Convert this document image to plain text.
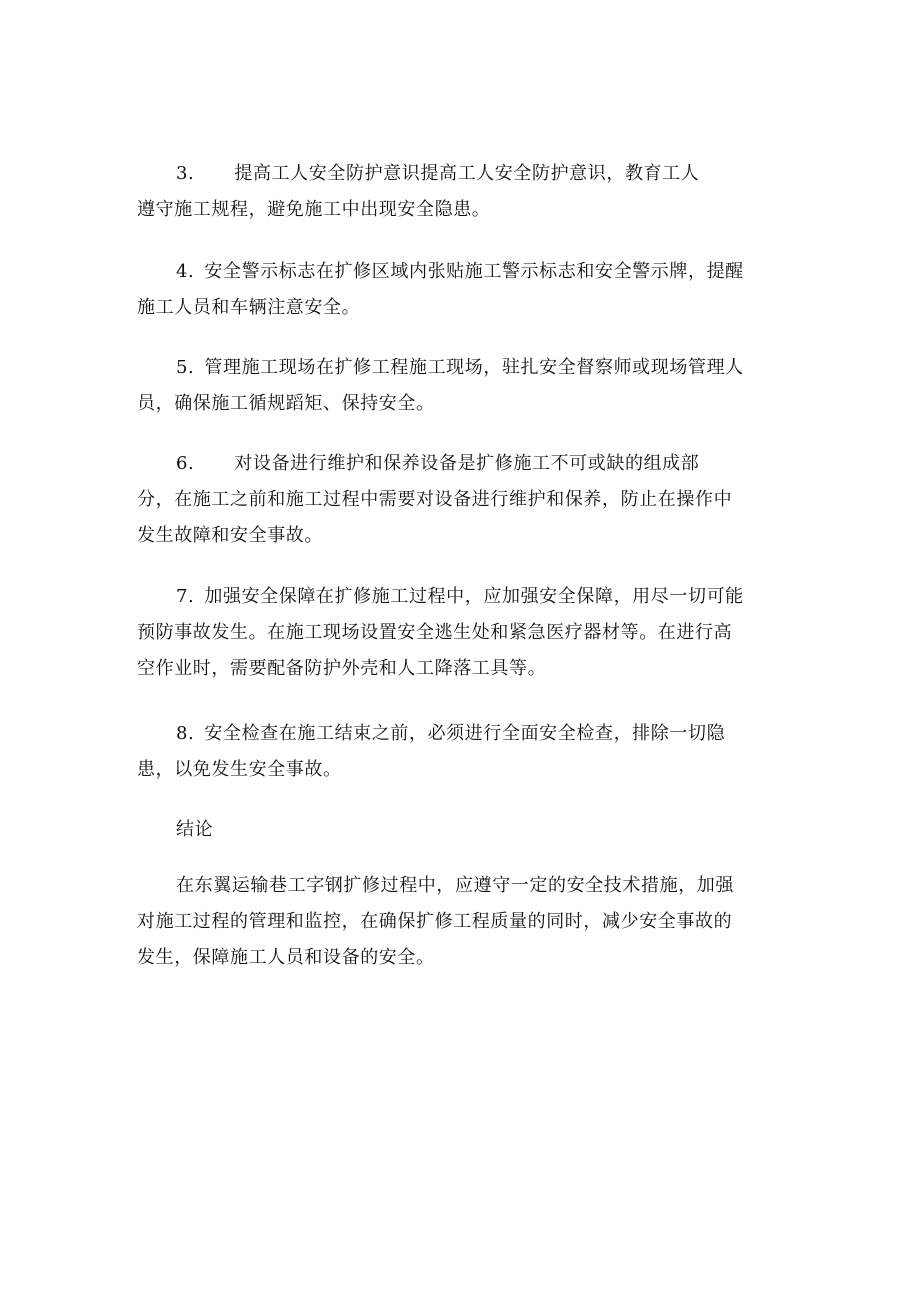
3. 提高工人安全防护意识提高工人安全防护意识，教育工人
遵守施工规程，避免施工中出现安全隐患。
4. 安全警示标志在扩修区域内张贴施工警示标志和安全警示牌，提醒
施工人员和车辆注意安全。
5. 管理施工现场在扩修工程施工现场，驻扎安全督察师或现场管理人
员，确保施工循规蹈矩、保持安全。
6. 对设备进行维护和保养设备是扩修施工不可或缺的组成部
分，在施工之前和施工过程中需要对设备进行维护和保养，防止在操作中
发生故障和安全事故。
7. 加强安全保障在扩修施工过程中，应加强安全保障，用尽一切可能
预防事故发生。在施工现场设置安全逃生处和紧急医疗器材等。在进行高
空作业时，需要配备防护外壳和人工降落工具等。
8. 安全检查在施工结束之前，必须进行全面安全检查，排除一切隐
患，以免发生安全事故。
结论
在东翼运输巷工字钢扩修过程中，应遵守一定的安全技术措施，加强
对施工过程的管理和监控，在确保扩修工程质量的同时，减少安全事故的
发生，保障施工人员和设备的安全。
